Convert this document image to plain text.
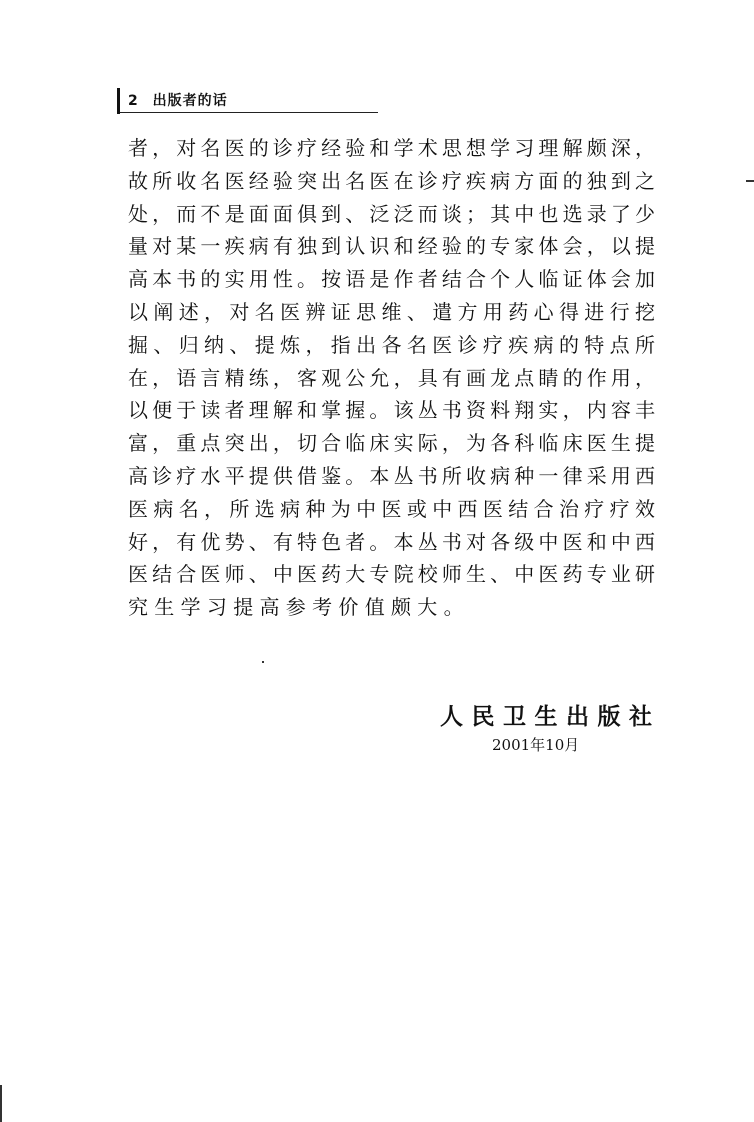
2 出版者的话
者，对名医的诊疗经验和学术思想学习理解颇深，
故所收名医经验突出名医在诊疗疾病方面的独到之
处，而不是面面俱到、泛泛而谈；其中也选录了少
量对某一疾病有独到认识和经验的专家体会，以提
高本书的实用性。按语是作者结合个人临证体会加
以阐述，对名医辨证思维、遣方用药心得进行挖
掘、归纳、提炼，指出各名医诊疗疾病的特点所
在，语言精练，客观公允，具有画龙点睛的作用，
以便于读者理解和掌握。该丛书资料翔实，内容丰
富，重点突出，切合临床实际，为各科临床医生提
高诊疗水平提供借鉴。本丛书所收病种一律采用西
医病名，所选病种为中医或中西医结合治疗疗效
好，有优势、有特色者。本丛书对各级中医和中西
医结合医师、中医药大专院校师生、中医药专业研
究生学习提高参考价值颇大。
人民卫生出版社
2001年10月
